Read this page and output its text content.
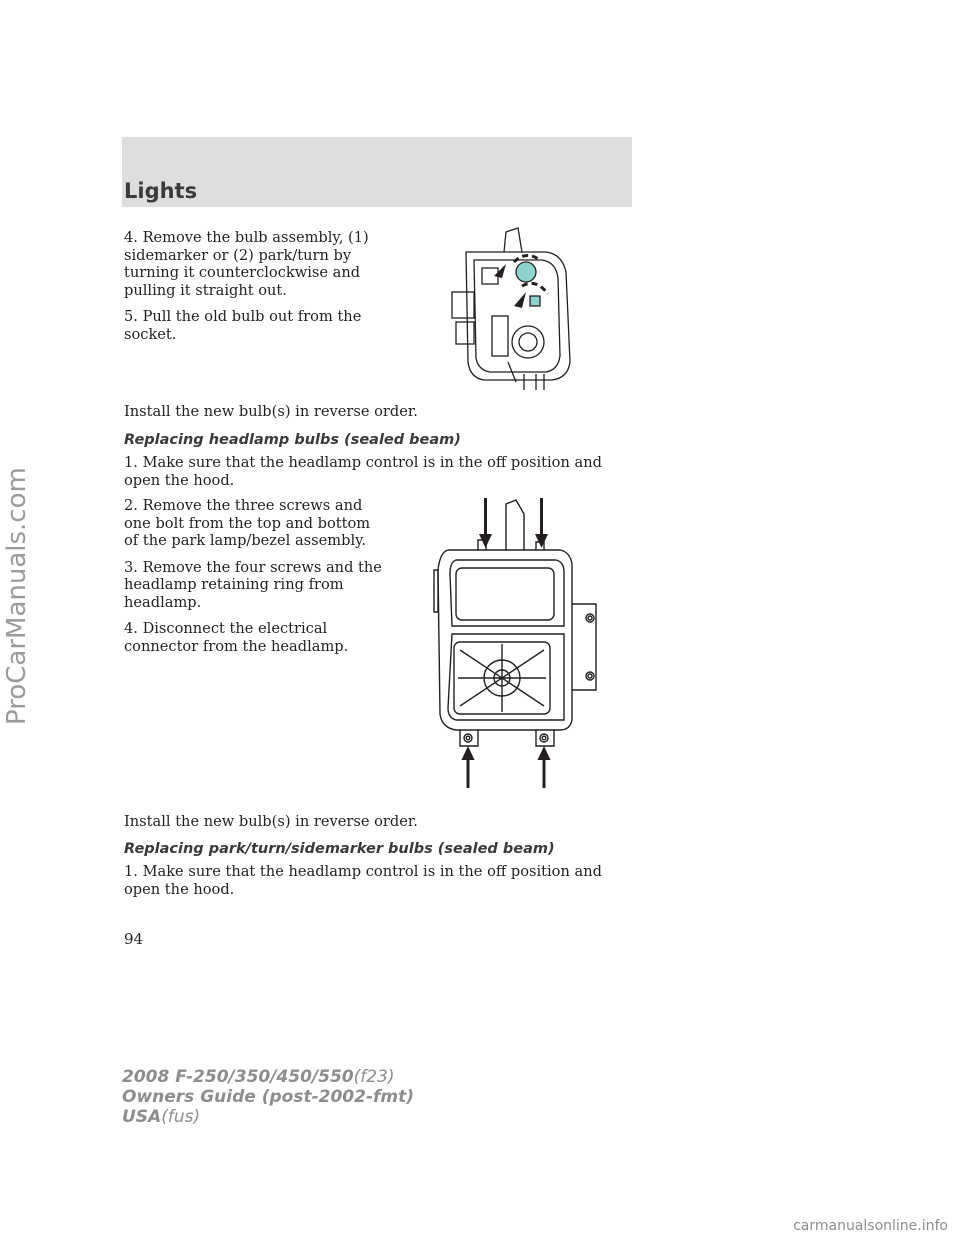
Lights
ProCarManuals.com

4. Remove the bulb assembly, (1) sidemarker or (2) park/turn by turning it counterclockwise and pulling it straight out.

5. Pull the old bulb out from the socket.

Install the new bulb(s) in reverse order.

Replacing headlamp bulbs (sealed beam)

1. Make sure that the headlamp control is in the off position and open the hood.

2. Remove the three screws and one bolt from the top and bottom of the park lamp/bezel assembly.

3. Remove the four screws and the headlamp retaining ring from headlamp.

4. Disconnect the electrical connector from the headlamp.

Install the new bulb(s) in reverse order.

Replacing park/turn/sidemarker bulbs (sealed beam)

1. Make sure that the headlamp control is in the off position and open the hood.

94
2008 F-250/350/450/550(f23)
Owners Guide (post-2002-fmt)
USA(fus)
carmanualsonline.info
